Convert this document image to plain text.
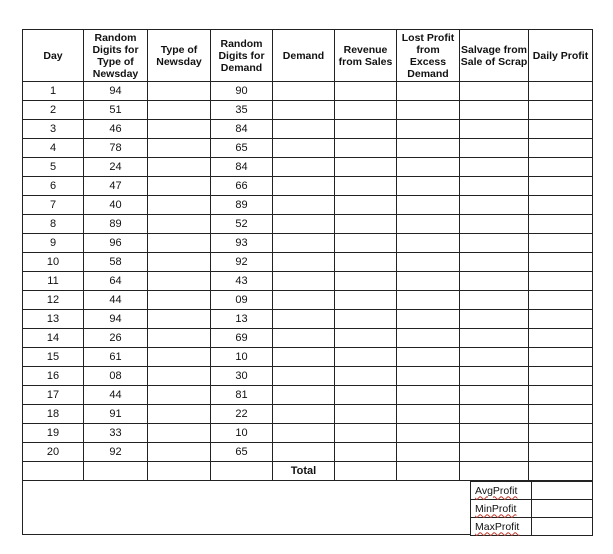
Day	Random Digits for Type of Newsday	Type of Newsday	Random Digits for Demand	Demand	Revenue from Sales	Lost Profit from Excess Demand	Salvage from Sale of Scrap	Daily Profit
1	94		90					
2	51		35					
3	46		84					
4	78		65					
5	24		84					
6	47		66					
7	40		89					
8	89		52					
9	96		93					
10	58		92					
11	64		43					
12	44		09					
13	94		13					
14	26		69					
15	61		10					
16	08		30					
17	44		81					
18	91		22					
19	33		10					
20	92		65					
				Total				
AvgProfit	
MinProfit	
MaxProfit	
